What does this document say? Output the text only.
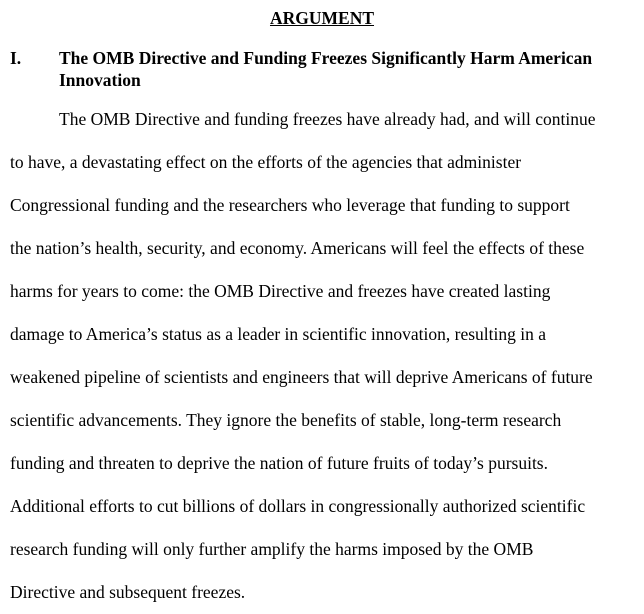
ARGUMENT
I. The OMB Directive and Funding Freezes Significantly Harm American Innovation

The OMB Directive and funding freezes have already had, and will continue
to have, a devastating effect on the efforts of the agencies that administer
Congressional funding and the researchers who leverage that funding to support
the nation’s health, security, and economy. Americans will feel the effects of these
harms for years to come: the OMB Directive and freezes have created lasting
damage to America’s status as a leader in scientific innovation, resulting in a
weakened pipeline of scientists and engineers that will deprive Americans of future
scientific advancements. They ignore the benefits of stable, long-term research
funding and threaten to deprive the nation of future fruits of today’s pursuits.
Additional efforts to cut billions of dollars in congressionally authorized scientific
research funding will only further amplify the harms imposed by the OMB
Directive and subsequent freezes.
